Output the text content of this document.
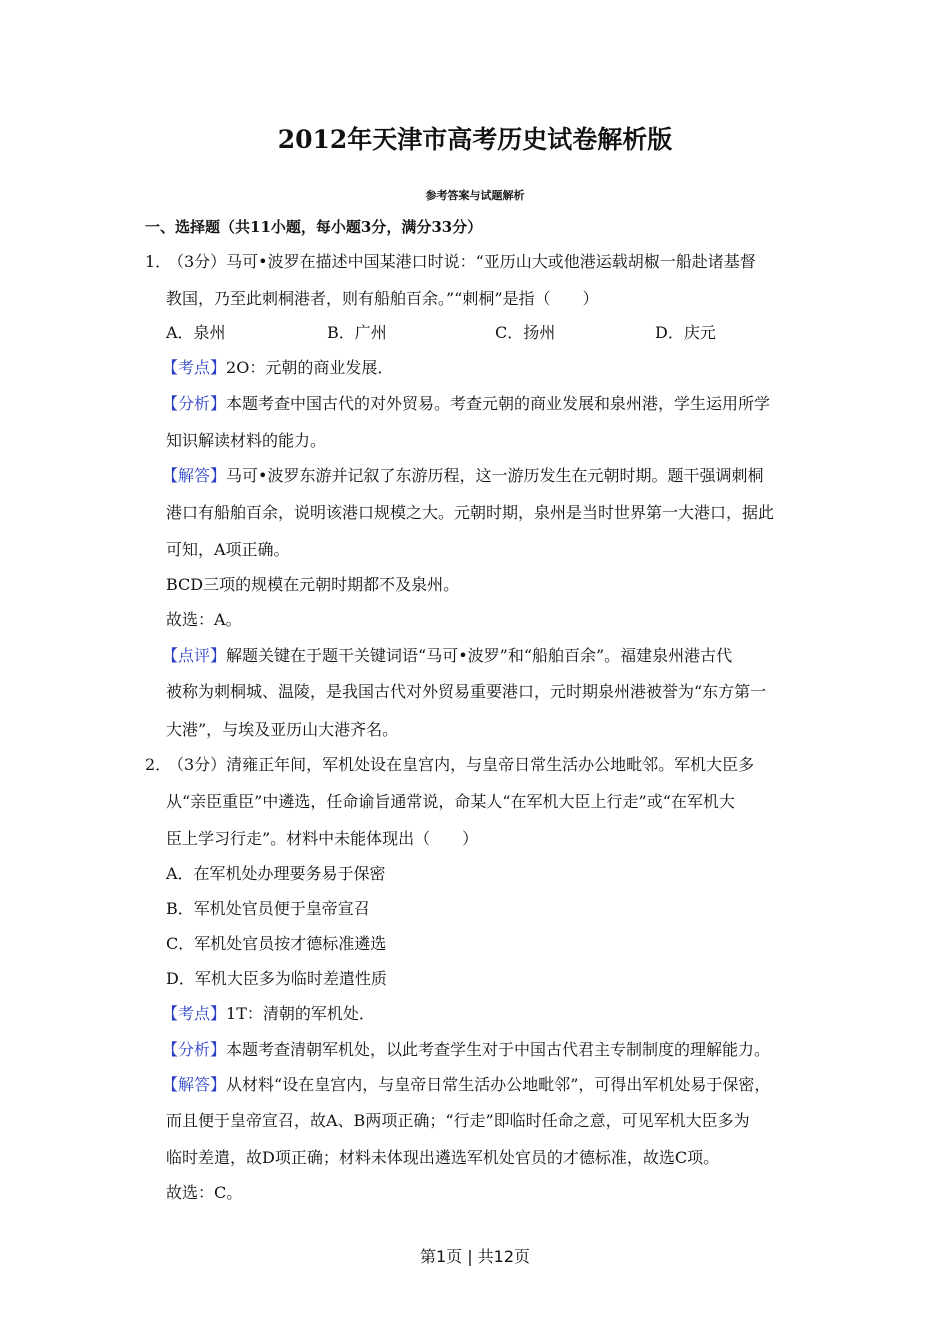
2012年天津市高考历史试卷解析版
参考答案与试题解析
一、选择题（共11小题，每小题3分，满分33分）
1．
（3分）马可•波罗在描述中国某港口时说：“亚历山大或他港运载胡椒一船赴诸基督
教国，乃至此刺桐港者，则有船舶百余。”“刺桐”是指（　　）
A．泉州	B．广州	C．扬州	D．庆元
【考点】2O：元朝的商业发展．
【分析】本题考查中国古代的对外贸易。考查元朝的商业发展和泉州港，学生运用所学
知识解读材料的能力。
【解答】马可•波罗东游并记叙了东游历程，这一游历发生在元朝时期。题干强调刺桐
港口有船舶百余，说明该港口规模之大。元朝时期，泉州是当时世界第一大港口，据此
可知，A项正确。
BCD三项的规模在元朝时期都不及泉州。
故选：A。
【点评】解题关键在于题干关键词语“马可•波罗”和“船舶百余”。福建泉州港古代
被称为刺桐城、温陵，是我国古代对外贸易重要港口，元时期泉州港被誉为“东方第一
大港”，与埃及亚历山大港齐名。
2．
（3分）清雍正年间，军机处设在皇宫内，与皇帝日常生活办公地毗邻。军机大臣多
从“亲臣重臣”中遴选，任命谕旨通常说，命某人“在军机大臣上行走”或“在军机大
臣上学习行走”。材料中未能体现出（　　）
A．在军机处办理要务易于保密
B．军机处官员便于皇帝宣召
C．军机处官员按才德标准遴选
D．军机大臣多为临时差遣性质
【考点】1T：清朝的军机处．
【分析】本题考查清朝军机处，以此考查学生对于中国古代君主专制制度的理解能力。
【解答】从材料“设在皇宫内，与皇帝日常生活办公地毗邻”，可得出军机处易于保密，
而且便于皇帝宣召，故A、B两项正确；“行走”即临时任命之意，可见军机大臣多为
临时差遣，故D项正确；材料未体现出遴选军机处官员的才德标准，故选C项。
故选：C。
第1页 | 共12页
